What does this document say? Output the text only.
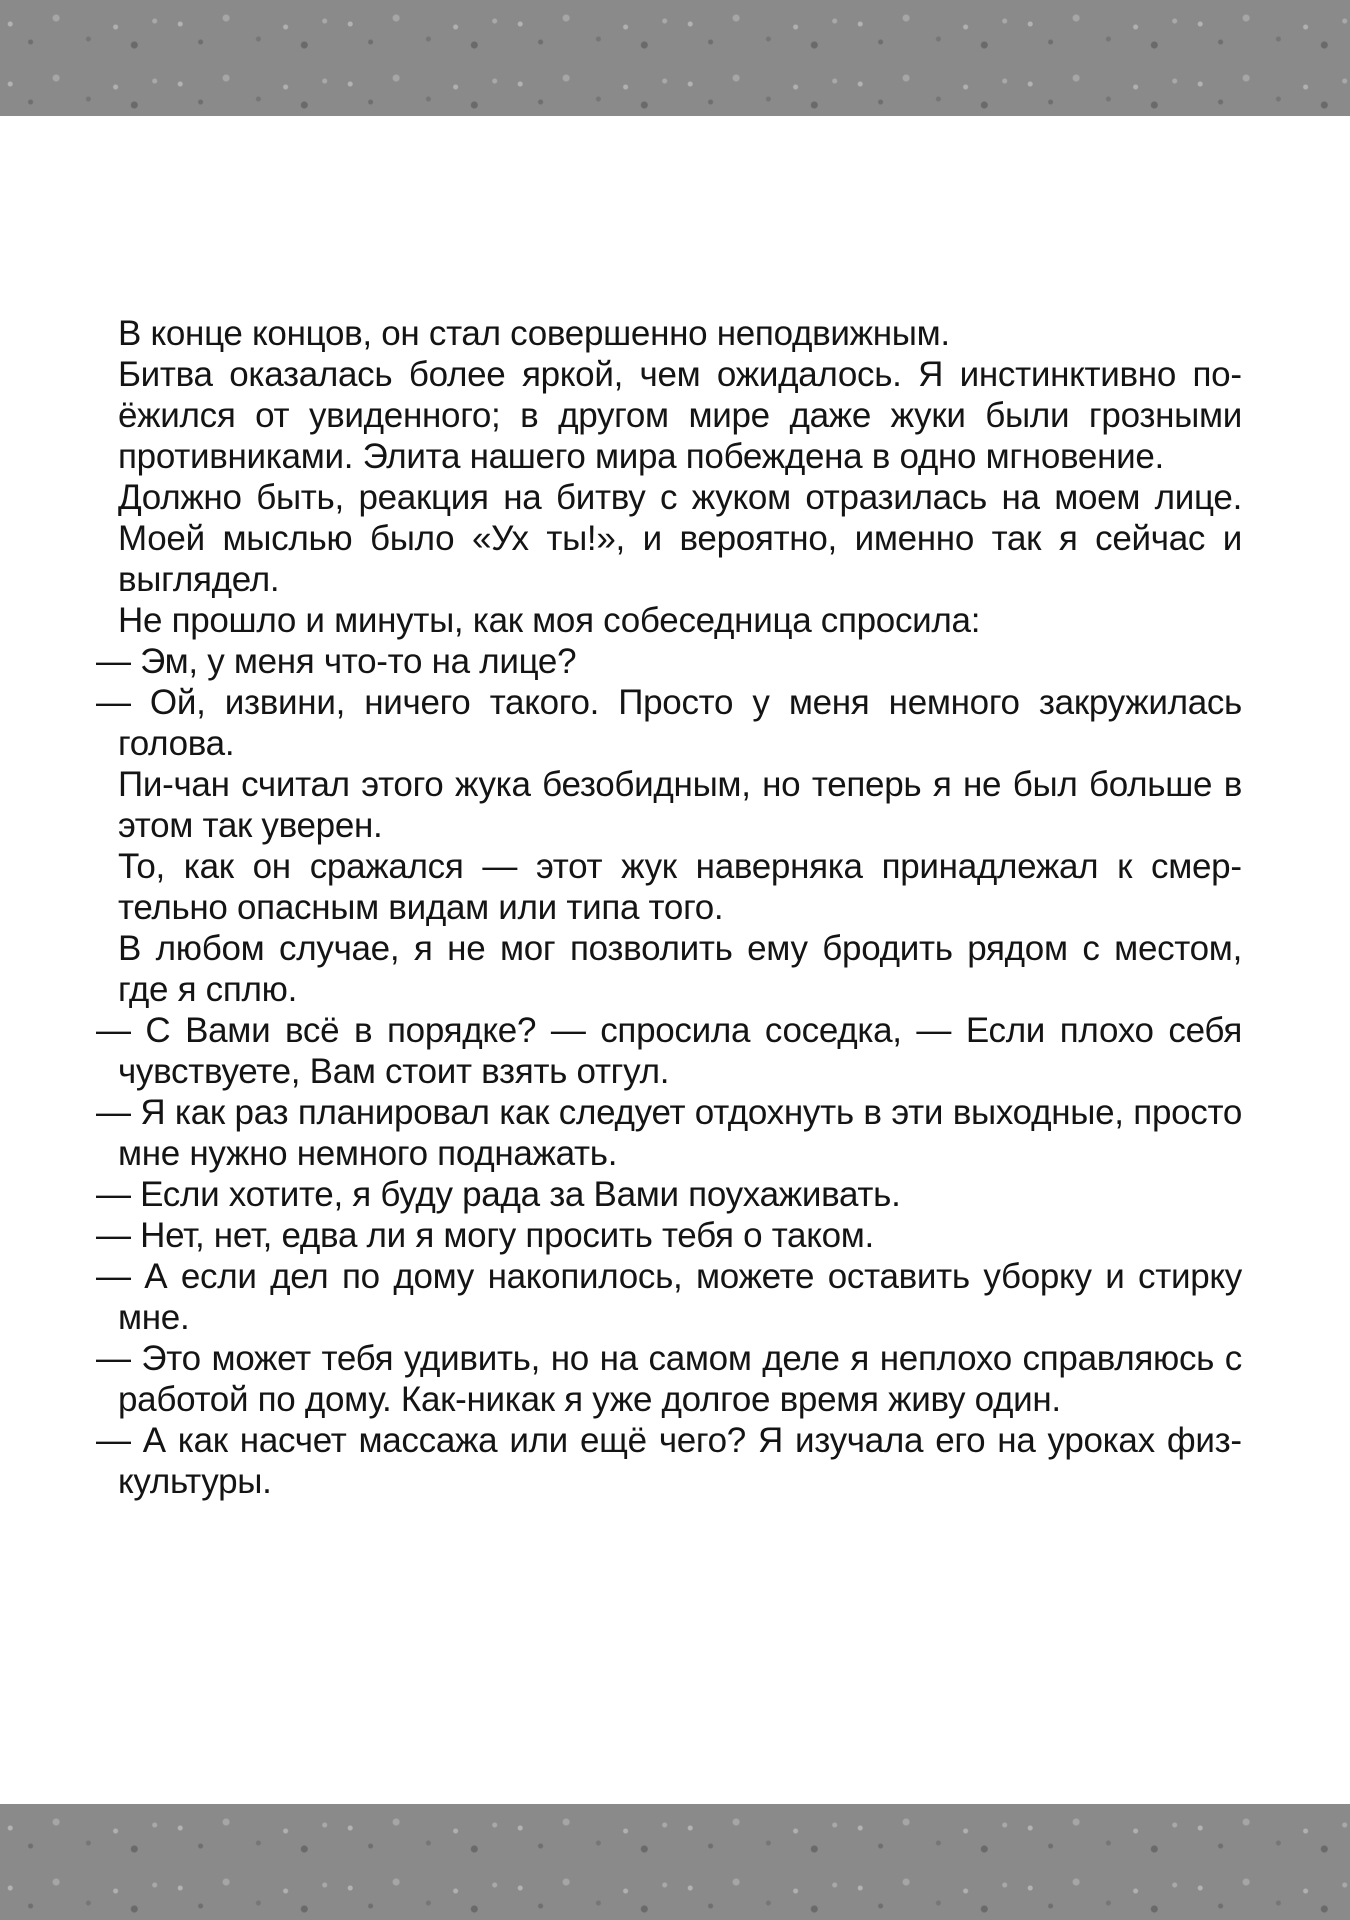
В конце концов, он стал совершенно неподвижным.

Битва оказалась более яркой, чем ожидалось. Я инстинктивно поёжился от увиденного; в другом мире даже жуки были грозными противниками. Элита нашего мира побеждена в одно мгновение.

Должно быть, реакция на битву с жуком отразилась на моем лице. Моей мыслью было «Ух ты!», и вероятно, именно так я сейчас и выглядел.

Не прошло и минуты, как моя собеседница спросила:

— Эм, у меня что-то на лице?

— Ой, извини, ничего такого. Просто у меня немного закружилась голова.

Пи-чан считал этого жука безобидным, но теперь я не был больше в этом так уверен.

То, как он сражался — этот жук наверняка принадлежал к смертельно опасным видам или типа того.

В любом случае, я не мог позволить ему бродить рядом с местом, где я сплю.

— С Вами всё в порядке? — спросила соседка, — Если плохо себя чувствуете, Вам стоит взять отгул.

— Я как раз планировал как следует отдохнуть в эти выходные, просто мне нужно немного поднажать.

— Если хотите, я буду рада за Вами поухаживать.

— Нет, нет, едва ли я могу просить тебя о таком.

— А если дел по дому накопилось, можете оставить уборку и стирку мне.

— Это может тебя удивить, но на самом деле я неплохо справляюсь с работой по дому. Как-никак я уже долгое время живу один.

— А как насчет массажа или ещё чего? Я изучала его на уроках физкультуры.
